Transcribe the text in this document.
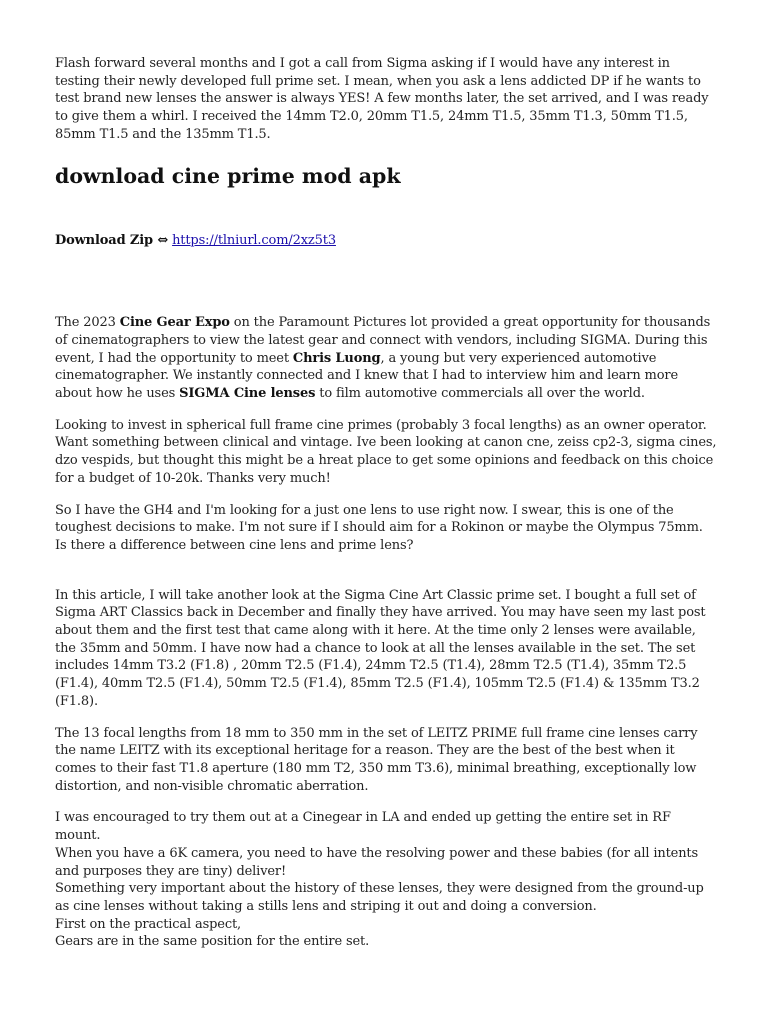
Flash forward several months and I got a call from Sigma asking if I would have any interest in testing their newly developed full prime set. I mean, when you ask a lens addicted DP if he wants to test brand new lenses the answer is always YES! A few months later, the set arrived, and I was ready to give them a whirl. I received the 14mm T2.0, 20mm T1.5, 24mm T1.5, 35mm T1.3, 50mm T1.5, 85mm T1.5 and the 135mm T1.5.

download cine prime mod apk

Download Zip ⇔ https://tlniurl.com/2xz5t3

The 2023 Cine Gear Expo on the Paramount Pictures lot provided a great opportunity for thousands of cinematographers to view the latest gear and connect with vendors, including SIGMA. During this event, I had the opportunity to meet Chris Luong, a young but very experienced automotive cinematographer. We instantly connected and I knew that I had to interview him and learn more about how he uses SIGMA Cine lenses to film automotive commercials all over the world.

Looking to invest in spherical full frame cine primes (probably 3 focal lengths) as an owner operator. Want something between clinical and vintage. Ive been looking at canon cne, zeiss cp2-3, sigma cines, dzo vespids, but thought this might be a hreat place to get some opinions and feedback on this choice for a budget of 10-20k. Thanks very much!

So I have the GH4 and I'm looking for a just one lens to use right now. I swear, this is one of the toughest decisions to make. I'm not sure if I should aim for a Rokinon or maybe the Olympus 75mm. Is there a difference between cine lens and prime lens?

In this article, I will take another look at the Sigma Cine Art Classic prime set. I bought a full set of Sigma ART Classics back in December and finally they have arrived. You may have seen my last post about them and the first test that came along with it here. At the time only 2 lenses were available, the 35mm and 50mm. I have now had a chance to look at all the lenses available in the set. The set includes 14mm T3.2 (F1.8) , 20mm T2.5 (F1.4), 24mm T2.5 (T1.4), 28mm T2.5 (T1.4), 35mm T2.5 (F1.4), 40mm T2.5 (F1.4), 50mm T2.5 (F1.4), 85mm T2.5 (F1.4), 105mm T2.5 (F1.4) & 135mm T3.2 (F1.8).

The 13 focal lengths from 18 mm to 350 mm in the set of LEITZ PRIME full frame cine lenses carry the name LEITZ with its exceptional heritage for a reason. They are the best of the best when it comes to their fast T1.8 aperture (180 mm T2, 350 mm T3.6), minimal breathing, exceptionally low distortion, and non-visible chromatic aberration.

I was encouraged to try them out at a Cinegear in LA and ended up getting the entire set in RF mount.
When you have a 6K camera, you need to have the resolving power and these babies (for all intents and purposes they are tiny) deliver!
Something very important about the history of these lenses, they were designed from the ground-up as cine lenses without taking a stills lens and striping it out and doing a conversion.
First on the practical aspect,
Gears are in the same position for the entire set.
